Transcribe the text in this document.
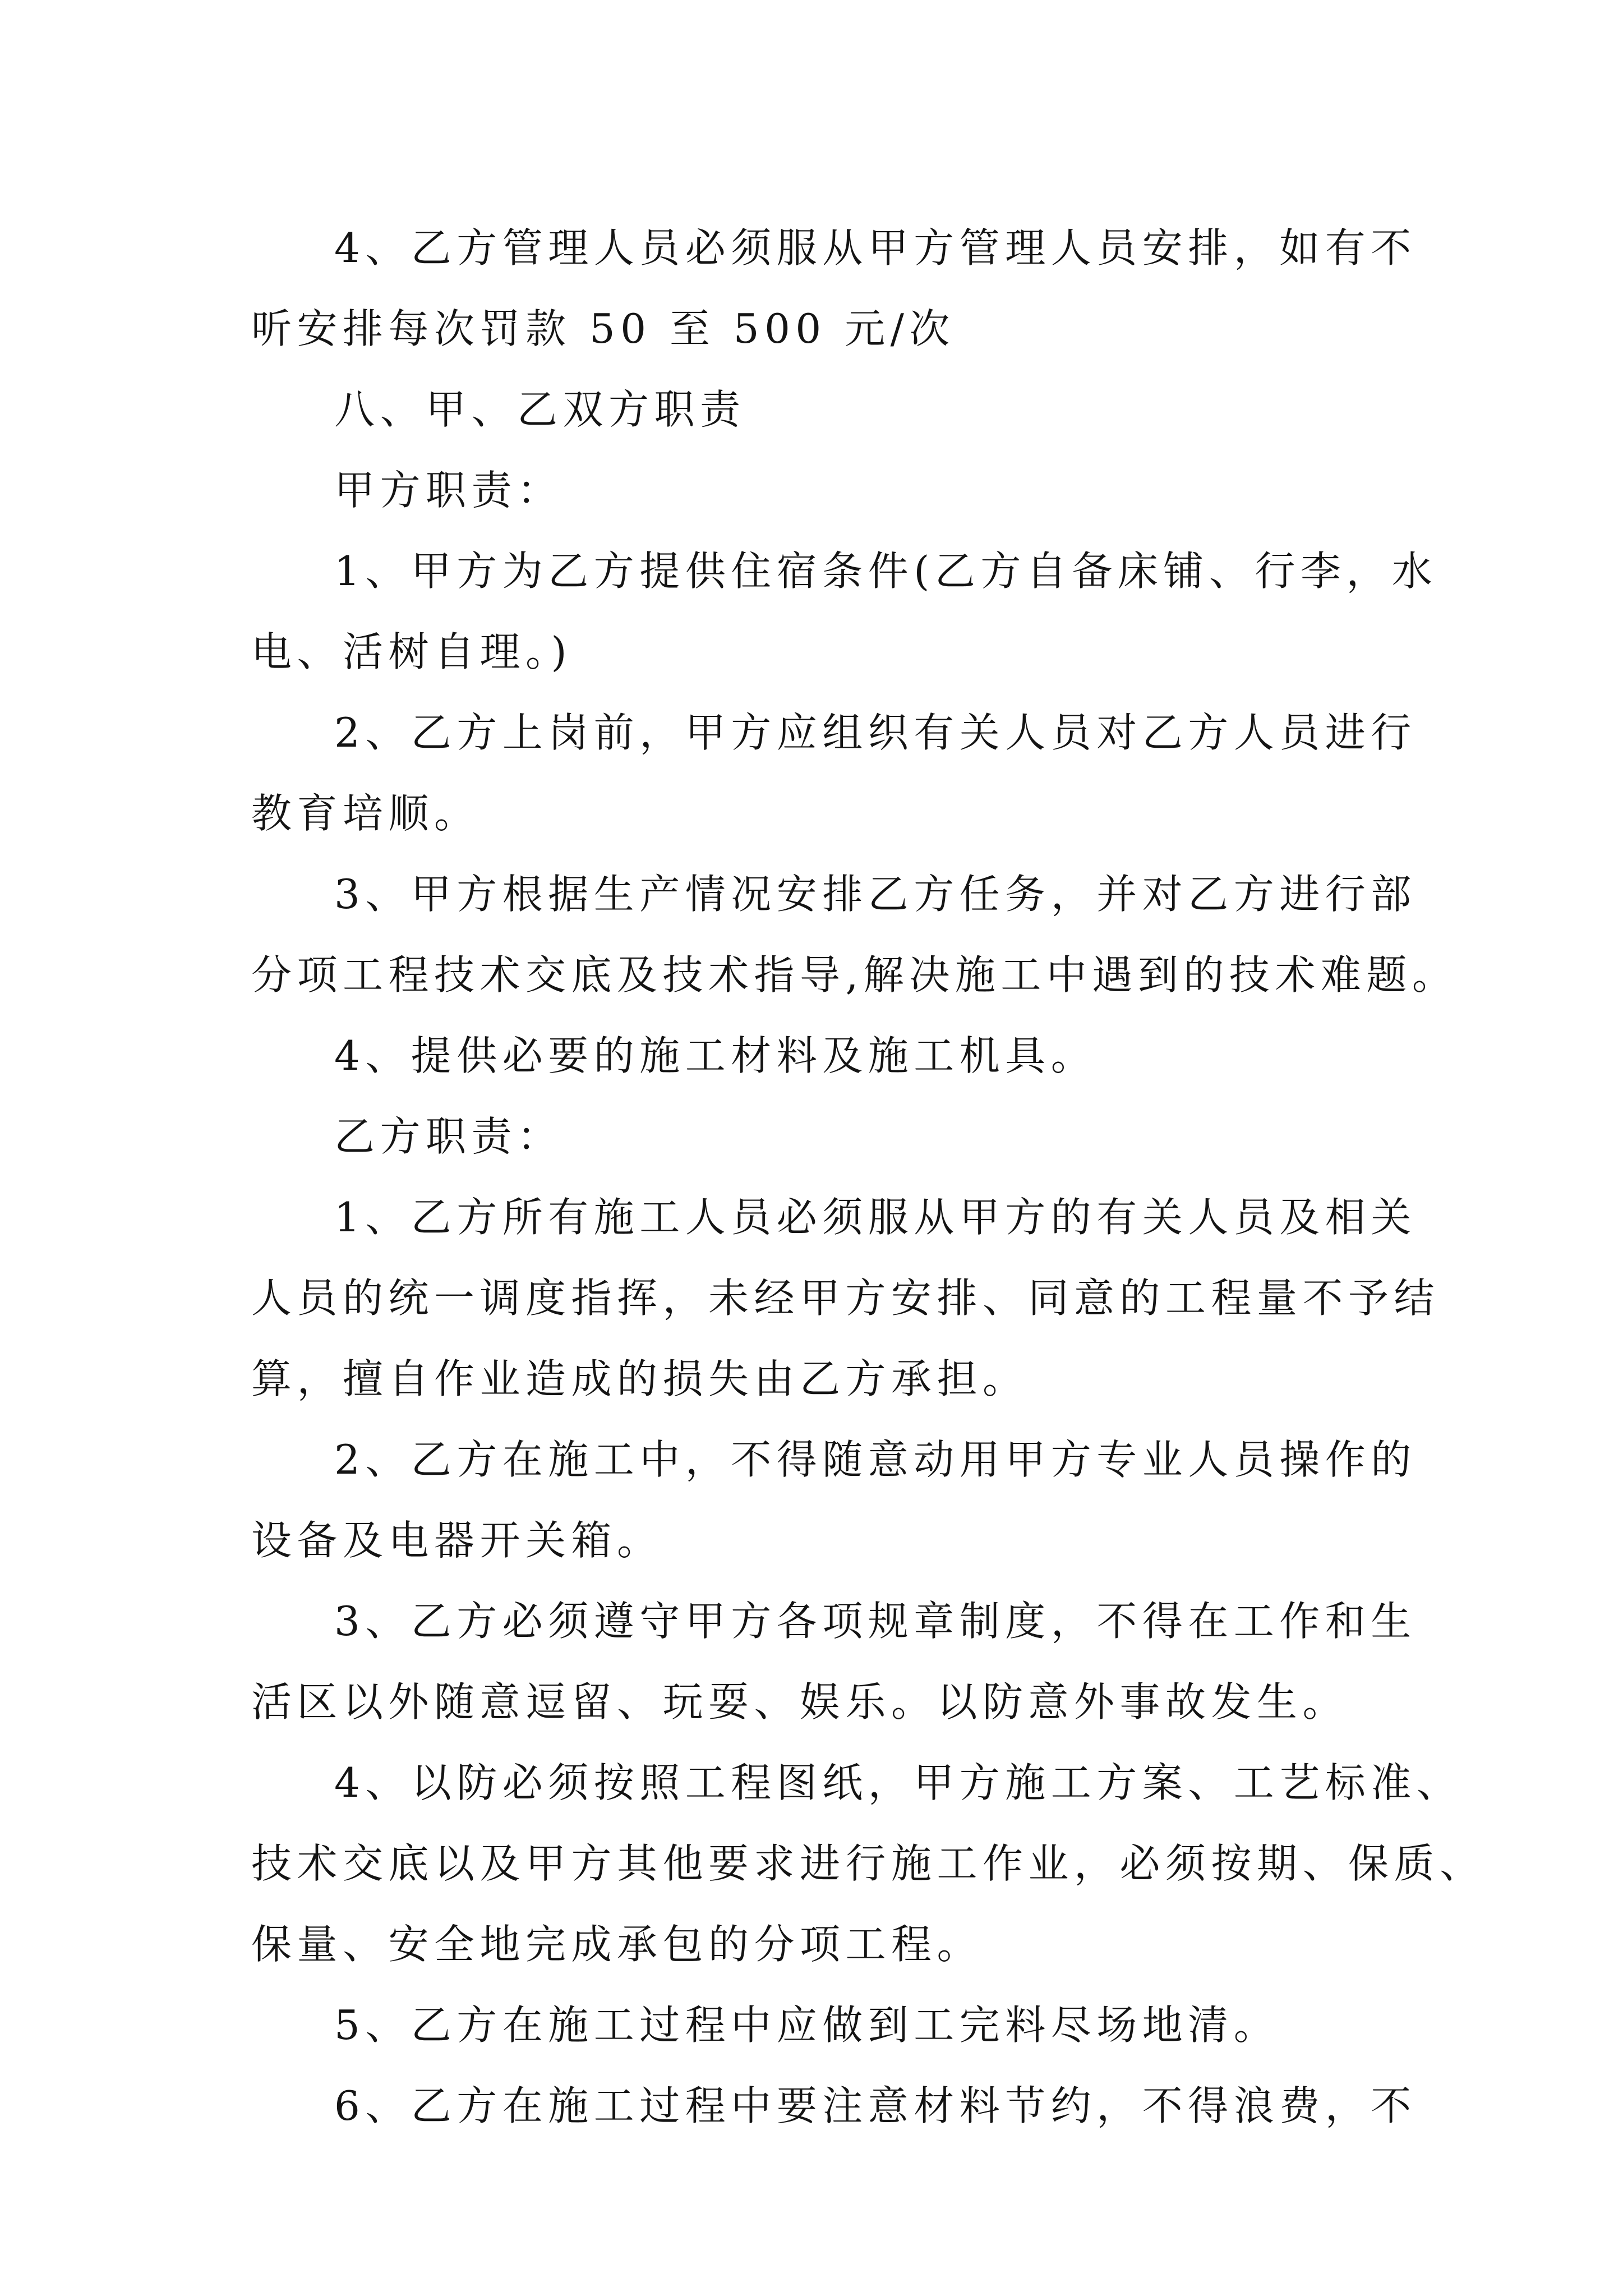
4、乙方管理人员必须服从甲方管理人员安排，如有不
听安排每次罚款 50 至 500 元/次
八、甲、乙双方职责
甲方职责：
1、甲方为乙方提供住宿条件(乙方自备床铺、行李，水
电、活树自理。)
2、乙方上岗前，甲方应组织有关人员对乙方人员进行
教育培顺。
3、甲方根据生产情况安排乙方任务，并对乙方进行部
分项工程技术交底及技术指导,解决施工中遇到的技术难题。
4、提供必要的施工材料及施工机具。
乙方职责：
1、乙方所有施工人员必须服从甲方的有关人员及相关
人员的统一调度指挥，未经甲方安排、同意的工程量不予结
算，擅自作业造成的损失由乙方承担。
2、乙方在施工中，不得随意动用甲方专业人员操作的
设备及电器开关箱。
3、乙方必须遵守甲方各项规章制度，不得在工作和生
活区以外随意逗留、玩耍、娱乐。以防意外事故发生。
4、以防必须按照工程图纸，甲方施工方案、工艺标准、
技术交底以及甲方其他要求进行施工作业，必须按期、保质、
保量、安全地完成承包的分项工程。
5、乙方在施工过程中应做到工完料尽场地清。
6、乙方在施工过程中要注意材料节约，不得浪费，不
